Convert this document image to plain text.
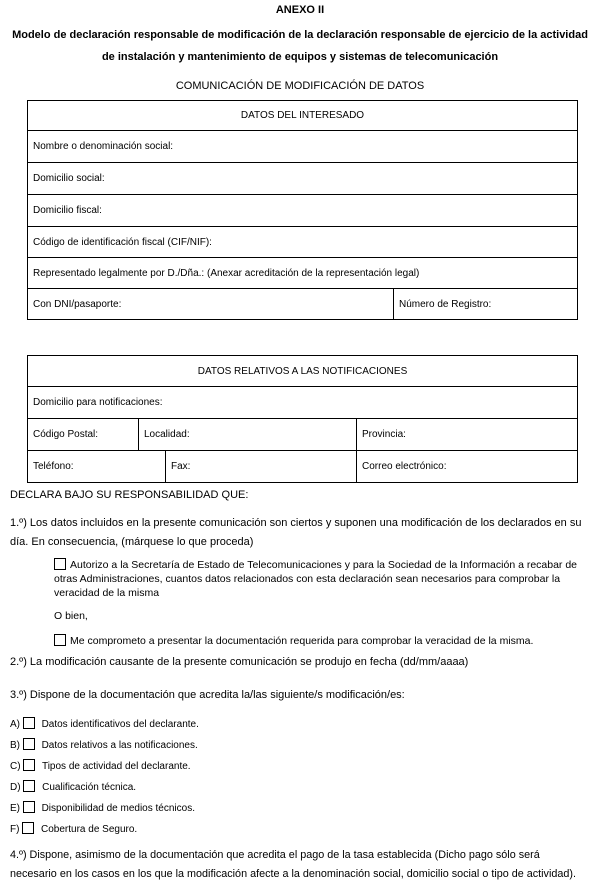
ANEXO II
Modelo de declaración responsable de modificación de la declaración responsable de ejercicio de la actividad de instalación y mantenimiento de equipos y sistemas de telecomunicación
COMUNICACIÓN DE MODIFICACIÓN DE DATOS
DATOS DEL INTERESADO
Nombre o denominación social:
Domicilio social:
Domicilio fiscal:
Código de identificación fiscal (CIF/NIF):
Representado legalmente por D./Dña.: (Anexar acreditación de la representación legal)
Con DNI/pasaporte:	Número de Registro:
DATOS RELATIVOS A LAS NOTIFICACIONES			
Domicilio para notificaciones:			
Código Postal:	Localidad:		Provincia:
Teléfono:		Fax:	Correo electrónico:
DECLARA BAJO SU RESPONSABILIDAD QUE:
1.º) Los datos incluidos en la presente comunicación son ciertos y suponen una modificación de los declarados en su
día. En consecuencia, (márquese lo que proceda)
Autorizo a la Secretaría de Estado de Telecomunicaciones y para la Sociedad de la Información a recabar de otras Administraciones, cuantos datos relacionados con esta declaración sean necesarios para comprobar la veracidad de la misma
O bien,
Me comprometo a presentar la documentación requerida para comprobar la veracidad de la misma.
2.º) La modificación causante de la presente comunicación se produjo en fecha (dd/mm/aaaa)
3.º) Dispone de la documentación que acredita la/las siguiente/s modificación/es:
A) Datos identificativos del declarante.
B) Datos relativos a las notificaciones.
C) Tipos de actividad del declarante.
D) Cualificación técnica.
E) Disponibilidad de medios técnicos.
F) Cobertura de Seguro.
4.º) Dispone, asimismo de la documentación que acredita el pago de la tasa establecida (Dicho pago sólo será
necesario en los casos en los que la modificación afecte a la denominación social, domicilio social o tipo de actividad).
